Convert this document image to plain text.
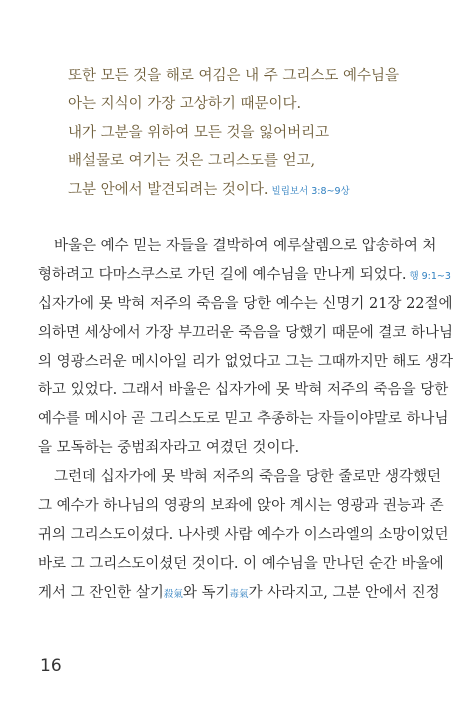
또한 모든 것을 해로 여김은 내 주 그리스도 예수님을
아는 지식이 가장 고상하기 때문이다.
내가 그분을 위하여 모든 것을 잃어버리고
배설물로 여기는 것은 그리스도를 얻고,
그분 안에서 발견되려는 것이다. 빌립보서 3:8~9상
바울은 예수 믿는 자들을 결박하여 예루살렘으로 압송하여 처
형하려고 다마스쿠스로 가던 길에 예수님을 만나게 되었다. 행 9:1~3
십자가에 못 박혀 저주의 죽음을 당한 예수는 신명기 21장 22절에
의하면 세상에서 가장 부끄러운 죽음을 당했기 때문에 결코 하나님
의 영광스러운 메시아일 리가 없었다고 그는 그때까지만 해도 생각
하고 있었다. 그래서 바울은 십자가에 못 박혀 저주의 죽음을 당한
예수를 메시아 곧 그리스도로 믿고 추종하는 자들이야말로 하나님
을 모독하는 중범죄자라고 여겼던 것이다.
그런데 십자가에 못 박혀 저주의 죽음을 당한 줄로만 생각했던
그 예수가 하나님의 영광의 보좌에 앉아 계시는 영광과 권능과 존
귀의 그리스도이셨다. 나사렛 사람 예수가 이스라엘의 소망이었던
바로 그 그리스도이셨던 것이다. 이 예수님을 만나던 순간 바울에
게서 그 잔인한 살기殺氣와 독기毒氣가 사라지고, 그분 안에서 진정
16
